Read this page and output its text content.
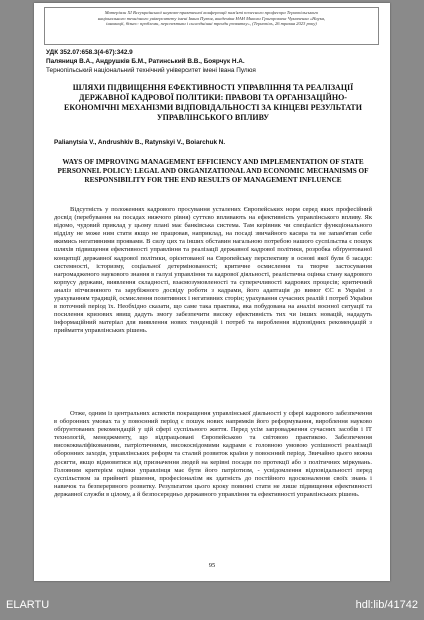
Матеріали XI Всеукраїнської науково-практичної конференції пам'яті почесного професора Тернопільського
національного технічного університету імені Івана Пулюя, академіка НАН Миколи Григоровича Чумаченка «Наука,
інновації, бізнес: проблеми, перспективи і сьогоднішні тренди розвитку», (Тернопіль, 26 травня 2023 року)
УДК 352.07:658.3(4-67):342.9
Паляниця В.А., Андрушків Б.М., Ратинський В.В., Боярчук Н.А.
Тернопільський національний технічний університет імені Івана Пулюя
ШЛЯХИ ПІДВИЩЕННЯ ЕФЕКТИВНОСТІ УПРАВЛІННЯ ТА РЕАЛІЗАЦІЇ ДЕРЖАВНОЇ КАДРОВОЇ ПОЛІТИКИ: ПРАВОВІ ТА ОРГАНІЗАЦІЙНО-ЕКОНОМІЧНІ МЕХАНІЗМИ ВІДПОВІДАЛЬНОСТІ ЗА КІНЦЕВІ РЕЗУЛЬТАТИ УПРАВЛІНСЬКОГО ВПЛИВУ
Palianytsia V., Andrushkiv B., Ratynskyi V., Boiarchuk N.
WAYS OF IMPROVING MANAGEMENT EFFICIENCY AND IMPLEMENTATION OF STATE PERSONNEL POLICY: LEGAL AND ORGANIZATIONAL AND ECONOMIC MECHANISMS OF RESPONSIBILITY FOR THE END RESULTS OF MANAGEMENT INFLUENCE

Відсутність у положеннях кадрового просування усталених Європейських норм серед яких професійний досвід (перебування на посадах нижчого рівня) суттєво впливають на ефективність управлінського впливу. Як відомо, чудовий приклад у цьому плані має банківська система. Там керівник чи спеціаліст функціонального відділу не може ним стати якщо не працював, наприклад, на посаді звичайного касира та не запам'ятав себе якимись негативними проявами. В силу цих та інших обставин нагальною потребою нашого суспільства є пошук шляхів підвищення ефективності управління та реалізації державної кадрової політики, розробка обґрунтованої концепції державної кадрової політики, орієнтованої на Європейську перспективу в основі якої були б засади: системності, історизму, соціальної детермінованості; критичне осмислення та творче застосування нагромадженого наукового знання в галузі управління та кадрової діяльності, реалістична оцінка стану кадрового корпусу держави, виявлення складності, взаємозумовленості та суперечливості кадрових процесів; критичний аналіз вітчизняного та зарубіжного досвіду роботи з кадрами, його адаптація до вимог ЄС в Україні з урахуванням традицій, осмислення позитивних і негативних сторін; урахування сучасних реалій і потреб України в поточний період їх. Необхідно сказати, що саме така практика, яка побудована на аналізі воєнної ситуації та посилення кризових явищ дадуть змогу забезпечити високу ефективність тих чи інших новацій, нададуть інформаційний матеріал для виявлення нових тенденцій і потреб та вироблення відповідних рекомендацій з приймаття управлінських рішень.

Отже, одним із центральних аспектів покращення управлінської діяльності у сфері кадрового забезпечення в оборонних умовах та у повоєнний період є пошук нових напрямків його реформування, вироблення науково обґрунтованих рекомендацій у цій сфері суспільного життя. Перед усім запровадження сучасних засобів і ІТ технологій, менеджменту, що відпрацьовані Європейською та світовою практикою. Забезпечення висококваліфікованими, патріотичними, високосвідомими кадрами є головною умовою успішності реалізації оборонних заходів, управлінських реформ та сталий розвиток країни у повоєнний період. Звичайно цього можна досягти, якщо відмовитися від призначення людей на керівні посади по протекції або з політичних міркувань. Головним критерієм оцінки управлінця має бути його патріотизм, - усвідомлення відповідальності перед суспільством за прийняті рішення, професіоналізм як здатність до постійного вдосконалення своїх знань і навичок та безперервного розвитку. Результатом цього кроку повинні стати не лише підвищення ефективності державної служби в цілому, а й безпосередньо державного управління та ефективності управлінських рішень.

95
ELARTU	hdl:lib/41742
